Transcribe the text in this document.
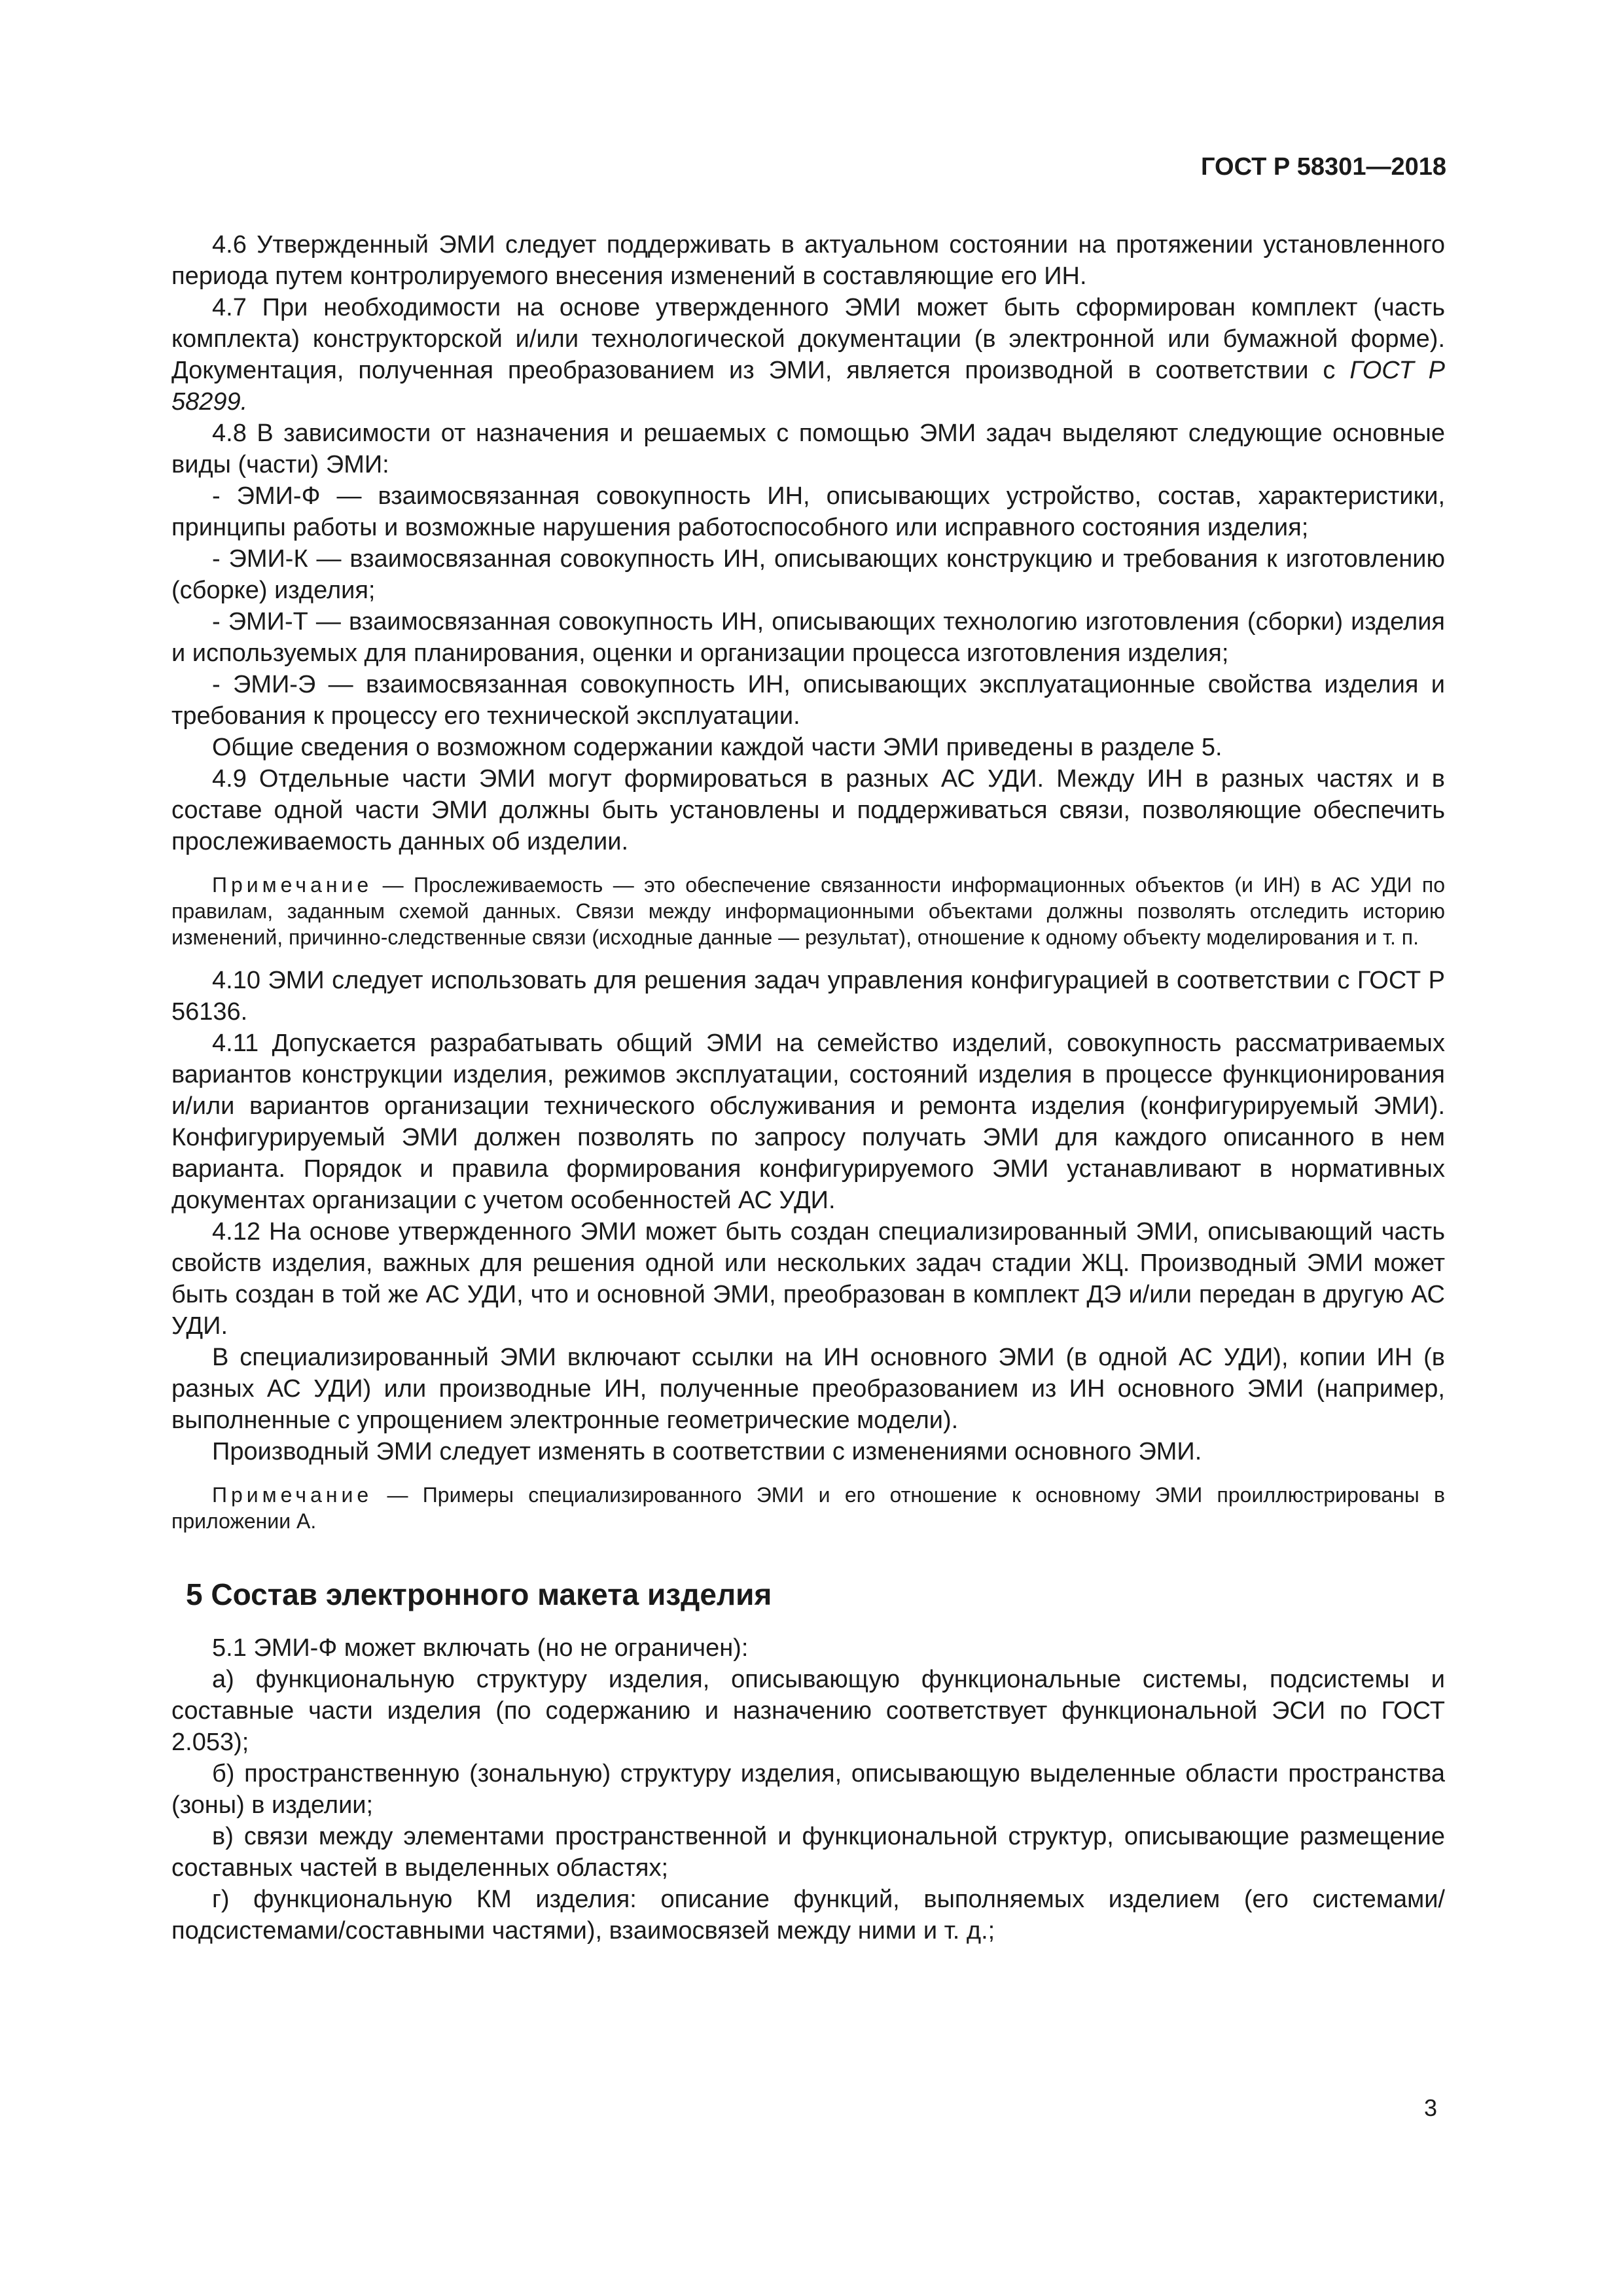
ГОСТ Р 58301—2018

4.6 Утвержденный ЭМИ следует поддерживать в актуальном состоянии на протяжении установленного периода путем контролируемого внесения изменений в составляющие его ИН.

4.7 При необходимости на основе утвержденного ЭМИ может быть сформирован комплект (часть комплекта) конструкторской и/или технологической документации (в электронной или бумажной форме). Документация, полученная преобразованием из ЭМИ, является производной в соответствии с ГОСТ Р 58299.

4.8 В зависимости от назначения и решаемых с помощью ЭМИ задач выделяют следующие основные виды (части) ЭМИ:

- ЭМИ-Ф — взаимосвязанная совокупность ИН, описывающих устройство, состав, характеристики, принципы работы и возможные нарушения работоспособного или исправного состояния изделия;

- ЭМИ-К — взаимосвязанная совокупность ИН, описывающих конструкцию и требования к изготовлению (сборке) изделия;

- ЭМИ-Т — взаимосвязанная совокупность ИН, описывающих технологию изготовления (сборки) изделия и используемых для планирования, оценки и организации процесса изготовления изделия;

- ЭМИ-Э — взаимосвязанная совокупность ИН, описывающих эксплуатационные свойства изделия и требования к процессу его технической эксплуатации.

Общие сведения о возможном содержании каждой части ЭМИ приведены в разделе 5.

4.9 Отдельные части ЭМИ могут формироваться в разных АС УДИ. Между ИН в разных частях и в составе одной части ЭМИ должны быть установлены и поддерживаться связи, позволяющие обеспечить прослеживаемость данных об изделии.

Примечание — Прослеживаемость — это обеспечение связанности информационных объектов (и ИН) в АС УДИ по правилам, заданным схемой данных. Связи между информационными объектами должны позволять отследить историю изменений, причинно-следственные связи (исходные данные — результат), отношение к одному объекту моделирования и т. п.

4.10 ЭМИ следует использовать для решения задач управления конфигурацией в соответствии с ГОСТ Р 56136.

4.11 Допускается разрабатывать общий ЭМИ на семейство изделий, совокупность рассматриваемых вариантов конструкции изделия, режимов эксплуатации, состояний изделия в процессе функционирования и/или вариантов организации технического обслуживания и ремонта изделия (конфигурируемый ЭМИ). Конфигурируемый ЭМИ должен позволять по запросу получать ЭМИ для каждого описанного в нем варианта. Порядок и правила формирования конфигурируемого ЭМИ устанавливают в нормативных документах организации с учетом особенностей АС УДИ.

4.12 На основе утвержденного ЭМИ может быть создан специализированный ЭМИ, описывающий часть свойств изделия, важных для решения одной или нескольких задач стадии ЖЦ. Производный ЭМИ может быть создан в той же АС УДИ, что и основной ЭМИ, преобразован в комплект ДЭ и/или передан в другую АС УДИ.

В специализированный ЭМИ включают ссылки на ИН основного ЭМИ (в одной АС УДИ), копии ИН (в разных АС УДИ) или производные ИН, полученные преобразованием из ИН основного ЭМИ (например, выполненные с упрощением электронные геометрические модели).

Производный ЭМИ следует изменять в соответствии с изменениями основного ЭМИ.

Примечание — Примеры специализированного ЭМИ и его отношение к основному ЭМИ проиллюстрированы в приложении А.

5 Состав электронного макета изделия

5.1 ЭМИ-Ф может включать (но не ограничен):

а) функциональную структуру изделия, описывающую функциональные системы, подсистемы и составные части изделия (по содержанию и назначению соответствует функциональной ЭСИ по ГОСТ 2.053);

б) пространственную (зональную) структуру изделия, описывающую выделенные области пространства (зоны) в изделии;

в) связи между элементами пространственной и функциональной структур, описывающие размещение составных частей в выделенных областях;

г) функциональную КМ изделия: описание функций, выполняемых изделием (его системами/подсистемами/составными частями), взаимосвязей между ними и т. д.;

3
